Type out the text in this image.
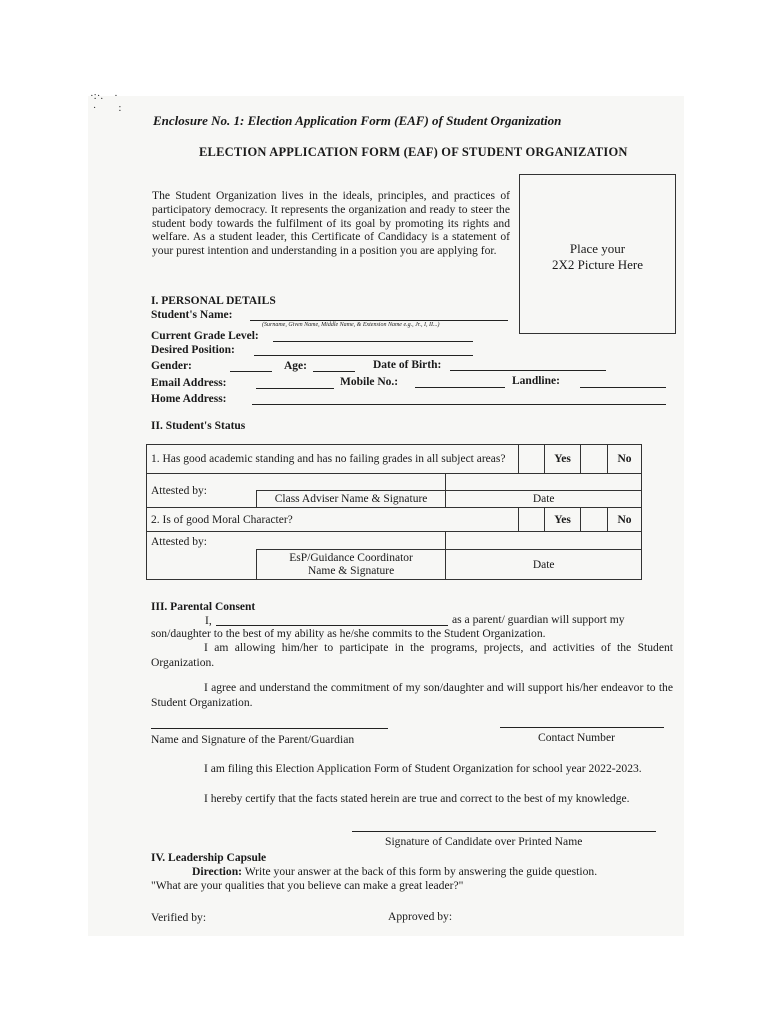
·:·.    ·
·        :
Enclosure No. 1: Election Application Form (EAF) of Student Organization
ELECTION APPLICATION FORM (EAF) OF STUDENT ORGANIZATION
The Student Organization lives in the ideals, principles, and practices of participatory democracy. It represents the organization and ready to steer the student body towards the fulfilment of its goal by promoting its rights and welfare. As a student leader, this Certificate of Candidacy is a statement of your purest intention and understanding in a position you are applying for.	Place your
2X2 Picture Here
I. PERSONAL DETAILS
Student's Name:
(Surname, Given Name, Middle Name, & Extension Name e.g., Jr., I, II...)
Current Grade Level:
Desired Position:
Gender:	Age:	Date of Birth:
Email Address:	Mobile No.:	Landline:
Home Address:
II. Student's Status
1. Has good academic standing and has no failing grades in all subject areas?				Yes		No
Attested by:						
	Class Adviser Name & Signature	Date				
2. Is of good Moral Character?				Yes		No
Attested by:						

	EsP/Guidance Coordinator
Name & Signature	Date				
III. Parental Consent
I,	as a parent/ guardian will support my
son/daughter to the best of my ability as he/she commits to the Student Organization.
I am allowing him/her to participate in the programs, projects, and activities of the Student Organization.
I agree and understand the commitment of my son/daughter and will support his/her endeavor to the Student Organization.
Name and Signature of the Parent/Guardian	Contact Number
I am filing this Election Application Form of Student Organization for school year 2022-2023.
I hereby certify that the facts stated herein are true and correct to the best of my knowledge.
Signature of Candidate over Printed Name
IV. Leadership Capsule
Direction: Write your answer at the back of this form by answering the guide question.
"What are your qualities that you believe can make a great leader?"
Verified by:	Approved by:
